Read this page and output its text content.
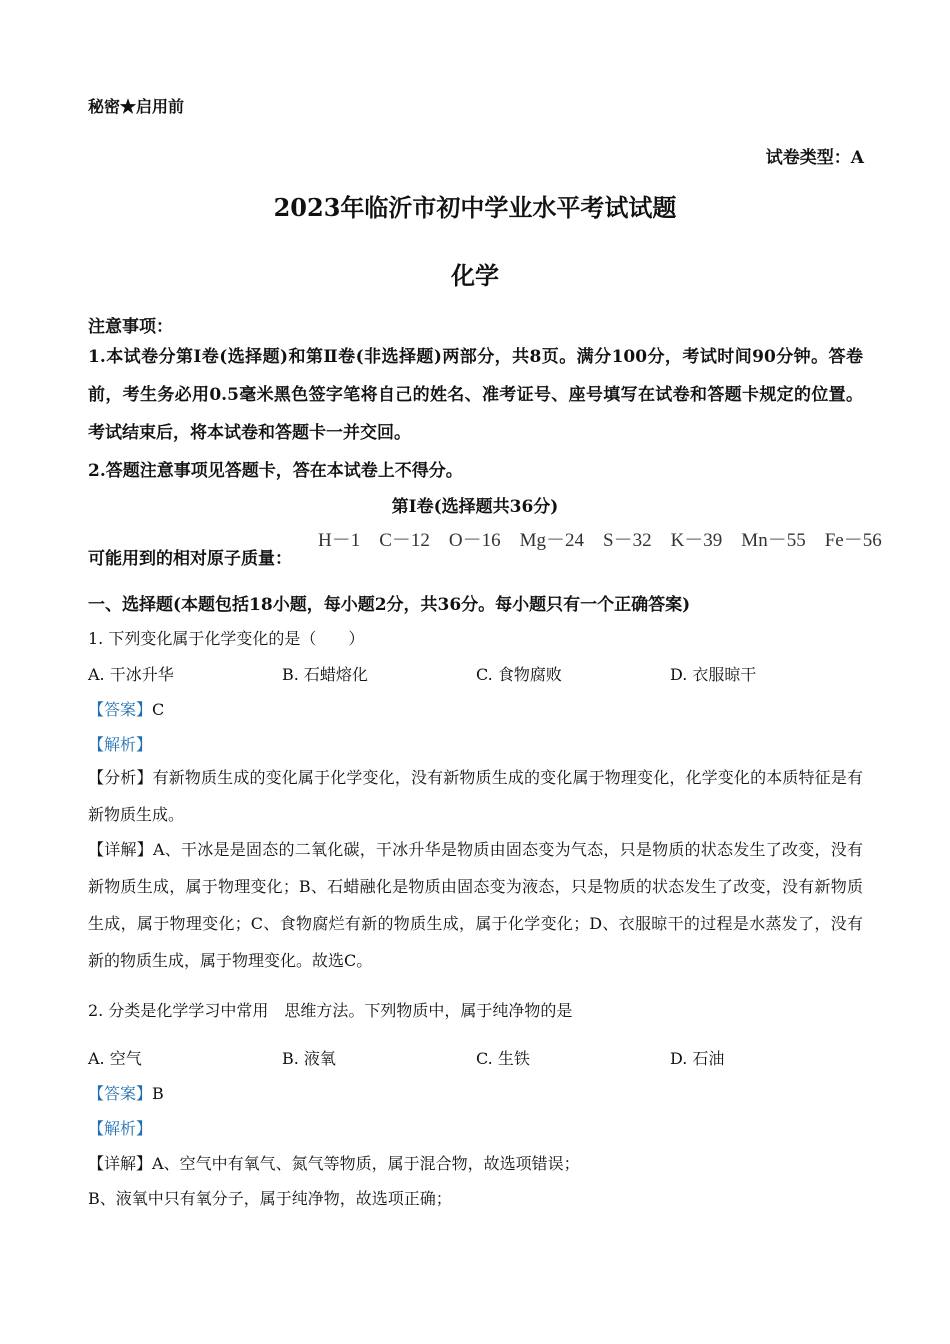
秘密★启用前
试卷类型：A
2023年临沂市初中学业水平考试试题
化学
注意事项：
1.本试卷分第Ⅰ卷(选择题)和第Ⅱ卷(非选择题)两部分，共8页。满分100分，考试时间90分钟。答卷前，考生务必用0.5毫米黑色签字笔将自己的姓名、准考证号、座号填写在试卷和答题卡规定的位置。考试结束后，将本试卷和答题卡一并交回。
2.答题注意事项见答题卡，答在本试卷上不得分。
第Ⅰ卷(选择题共36分)
可能用到的相对原子质量：
H－1　C－12　O－16　Mg－24　S－32　K－39　Mn－55　Fe－56
一、选择题(本题包括18小题，每小题2分，共36分。每小题只有一个正确答案)
1. 下列变化属于化学变化的是（　　）
A. 干冰升华	B. 石蜡熔化	C. 食物腐败	D. 衣服晾干
【答案】C
【解析】
【分析】有新物质生成的变化属于化学变化，没有新物质生成的变化属于物理变化，化学变化的本质特征是有新物质生成。
【详解】A、干冰是是固态的二氧化碳，干冰升华是物质由固态变为气态，只是物质的状态发生了改变，没有新物质生成，属于物理变化；B、石蜡融化是物质由固态变为液态，只是物质的状态发生了改变，没有新物质生成，属于物理变化；C、食物腐烂有新的物质生成，属于化学变化；D、衣服晾干的过程是水蒸发了，没有新的物质生成，属于物理变化。故选C。
2. 分类是化学学习中常用　思维方法。下列物质中，属于纯净物的是
A. 空气	B. 液氧	C. 生铁	D. 石油
【答案】B
【解析】
【详解】A、空气中有氧气、氮气等物质，属于混合物，故选项错误；
B、液氧中只有氧分子，属于纯净物，故选项正确；
